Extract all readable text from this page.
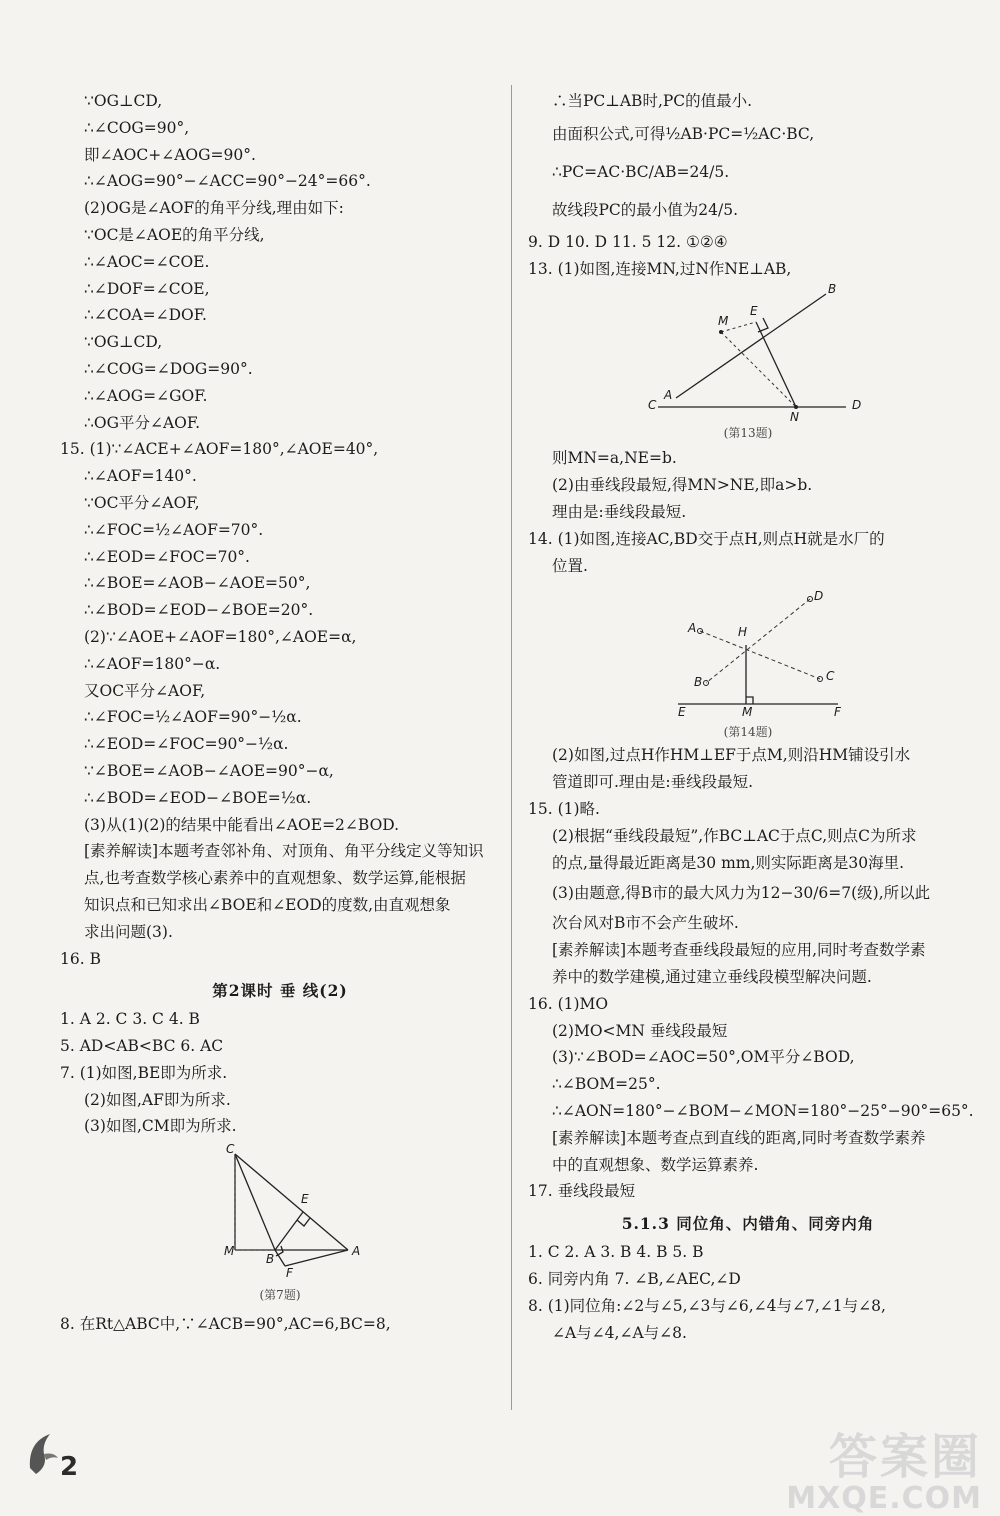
∵OG⊥CD,
∴∠COG=90°,
即∠AOC+∠AOG=90°.
∴∠AOG=90°−∠ACC=90°−24°=66°.
(2)OG是∠AOF的角平分线,理由如下:
∵OC是∠AOE的角平分线,
∴∠AOC=∠COE.
∴∠DOF=∠COE,
∴∠COA=∠DOF.
∵OG⊥CD,
∴∠COG=∠DOG=90°.
∴∠AOG=∠GOF.
∴OG平分∠AOF.
15. (1)∵∠ACE+∠AOF=180°,∠AOE=40°,
∴∠AOF=140°.
∵OC平分∠AOF,
∴∠FOC=½∠AOF=70°.
∴∠EOD=∠FOC=70°.
∴∠BOE=∠AOB−∠AOE=50°,
∴∠BOD=∠EOD−∠BOE=20°.
(2)∵∠AOE+∠AOF=180°,∠AOE=α,
∴∠AOF=180°−α.
又OC平分∠AOF,
∴∠FOC=½∠AOF=90°−½α.
∴∠EOD=∠FOC=90°−½α.
∵∠BOE=∠AOB−∠AOE=90°−α,
∴∠BOD=∠EOD−∠BOE=½α.
(3)从(1)(2)的结果中能看出∠AOE=2∠BOD.
[素养解读]本题考查邻补角、对顶角、角平分线定义等知识
点,也考查数学核心素养中的直观想象、数学运算,能根据
知识点和已知求出∠BOE和∠EOD的度数,由直观想象
求出问题(3).
16. B
第2课时 垂 线(2)
1. A 2. C 3. C 4. B
5. AD<AB<BC 6. AC
7. (1)如图,BE即为所求.
(2)如图,AF即为所求.
(3)如图,CM即为所求.
C
E
M
B
A
F
(第7题)
8. 在Rt△ABC中,∵∠ACB=90°,AC=6,BC=8,
∴当PC⊥AB时,PC的值最小.
由面积公式,可得½AB·PC=½AC·BC,
∴PC=AC·BC/AB=24/5.
故线段PC的最小值为24/5.
9. D 10. D 11. 5 12. ①②④
13. (1)如图,连接MN,过N作NE⊥AB,
B
E
M
A
C
N
D
(第13题)
则MN=a,NE=b.
(2)由垂线段最短,得MN>NE,即a>b.
理由是:垂线段最短.
14. (1)如图,连接AC,BD交于点H,则点H就是水厂的
位置.
D
A	H
B	C
E	M	F
(第14题)
(2)如图,过点H作HM⊥EF于点M,则沿HM铺设引水
管道即可.理由是:垂线段最短.
15. (1)略.
(2)根据“垂线段最短”,作BC⊥AC于点C,则点C为所求
的点,量得最近距离是30 mm,则实际距离是30海里.
(3)由题意,得B市的最大风力为12−30/6=7(级),所以此
次台风对B市不会产生破坏.
[素养解读]本题考查垂线段最短的应用,同时考查数学素
养中的数学建模,通过建立垂线段模型解决问题.
16. (1)MO
(2)MO<MN 垂线段最短
(3)∵∠BOD=∠AOC=50°,OM平分∠BOD,
∴∠BOM=25°.
∴∠AON=180°−∠BOM−∠MON=180°−25°−90°=65°.
[素养解读]本题考查点到直线的距离,同时考查数学素养
中的直观想象、数学运算素养.
17. 垂线段最短
5.1.3 同位角、内错角、同旁内角
1. C 2. A 3. B 4. B 5. B
6. 同旁内角 7. ∠B,∠AEC,∠D
8. (1)同位角:∠2与∠5,∠3与∠6,∠4与∠7,∠1与∠8,
∠A与∠4,∠A与∠8.
2	答案圈
MXQE.COM
